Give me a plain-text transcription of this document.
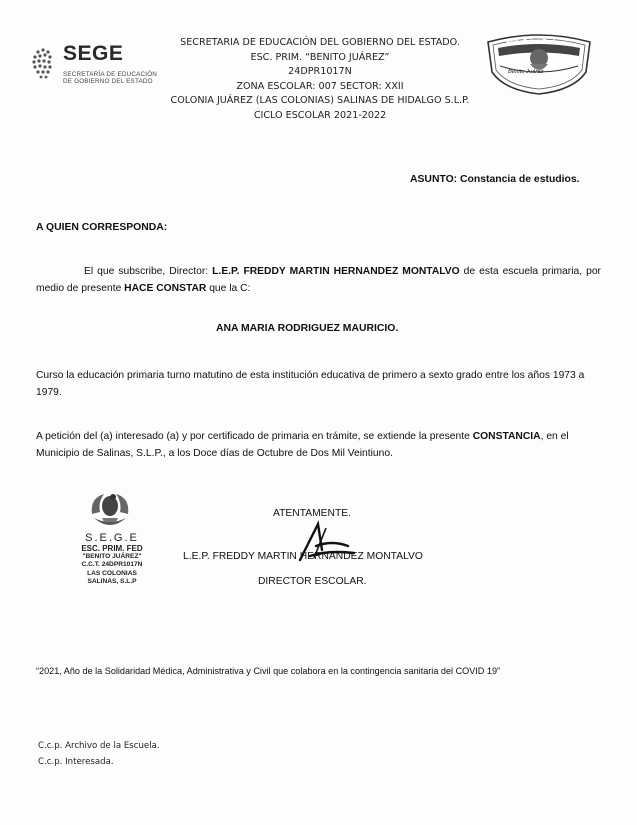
SEGE
SECRETARÍA DE EDUCACIÓN
DE GOBIERNO DEL ESTADO
SECRETARIA DE EDUCACIÓN DEL GOBIERNO DEL ESTADO.
ESC. PRIM. “BENITO JUÁREZ”
24DPR1017N
ZONA ESCOLAR: 007 SECTOR: XXII
COLONIA JUÁREZ (LAS COLONIAS) SALINAS DE HIDALGO S.L.P.
CICLO ESCOLAR 2021-2022
Esc. Prim. Fed.
Benito Juárez
ASUNTO: Constancia de estudios.
A QUIEN CORRESPONDA:
El que subscribe, Director: L.E.P. FREDDY MARTIN HERNANDEZ MONTALVO de esta escuela primaria, por medio de presente HACE CONSTAR que la C:
ANA MARIA RODRIGUEZ MAURICIO.
Curso la educación primaria turno matutino de esta institución educativa de primero a sexto grado entre los años 1973 a 1979.
A petición del (a) interesado (a) y por certificado de primaria en trámite, se extiende la presente CONSTANCIA, en el Municipio de Salinas, S.L.P., a los Doce días de Octubre de Dos Mil Veintiuno.
S.E.G.E
ESC. PRIM. FED
"BENITO JUÁREZ"
C.C.T. 24DPR1017N
LAS COLONIAS
SALINAS, S.L.P
ATENTAMENTE.
L.E.P. FREDDY MARTIN HERNANDEZ MONTALVO
DIRECTOR ESCOLAR.
“2021, Año de la Solidaridad Médica, Administrativa y Civil que colabora en la contingencia sanitaria del COVID 19”
C.c.p. Archivo de la Escuela.
C.c.p. Interesada.
